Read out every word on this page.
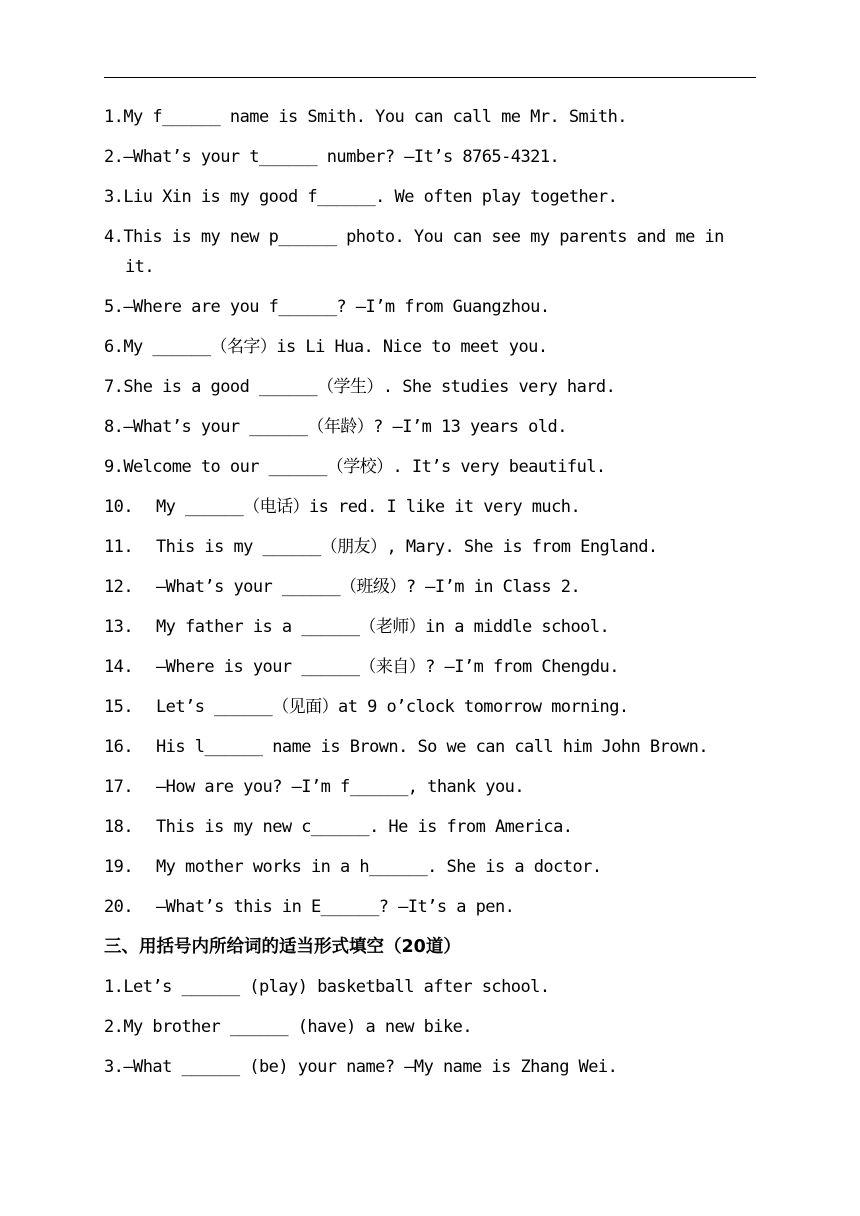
1.My f______ name is Smith. You can call me Mr. Smith.
2.—What’s your t______ number? —It’s 8765-4321.
3.Liu Xin is my good f______. We often play together.
4.This is my new p______ photo. You can see my parents and me in it.
5.—Where are you f______? —I’m from Guangzhou.
6.My ______（名字）is Li Hua. Nice to meet you.
7.She is a good ______（学生）. She studies very hard.
8.—What’s your ______（年龄）? —I’m 13 years old.
9.Welcome to our ______（学校）. It’s very beautiful.
10.	My ______（电话）is red. I like it very much.
11.	This is my ______（朋友）, Mary. She is from England.
12.	—What’s your ______（班级）? —I’m in Class 2.
13.	My father is a ______（老师）in a middle school.
14.	—Where is your ______（来自）? —I’m from Chengdu.
15.	Let’s ______（见面）at 9 o’clock tomorrow morning.
16.	His l______ name is Brown. So we can call him John Brown.
17.	—How are you? —I’m f______, thank you.
18.	This is my new c______. He is from America.
19.	My mother works in a h______. She is a doctor.
20.	—What’s this in E______? —It’s a pen.
三、用括号内所给词的适当形式填空（20道）
1.Let’s ______ (play) basketball after school.
2.My brother ______ (have) a new bike.
3.—What ______ (be) your name? —My name is Zhang Wei.
